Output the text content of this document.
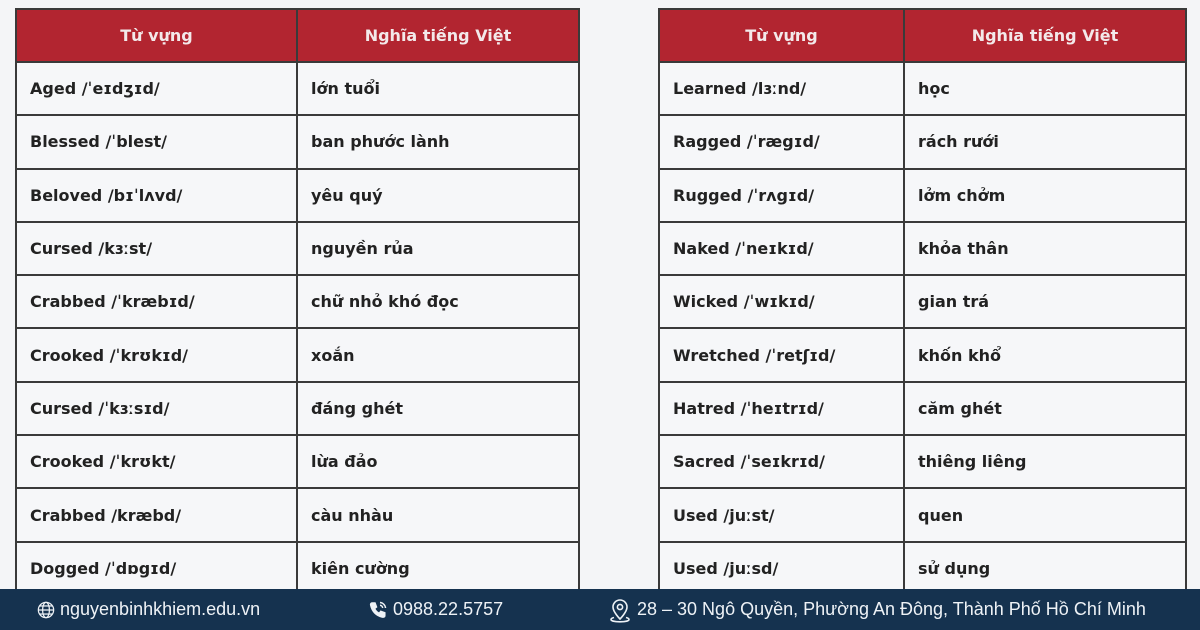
Từ vựng	Nghĩa tiếng Việt
Aged /ˈeɪdʒɪd/	lớn tuổi
Blessed /ˈblest/	ban phước lành
Beloved /bɪˈlʌvd/	yêu quý
Cursed /kɜːst/	nguyền rủa
Crabbed /ˈkræbɪd/	chữ nhỏ khó đọc
Crooked /ˈkrʊkɪd/	xoắn
Cursed /ˈkɜːsɪd/	đáng ghét
Crooked /ˈkrʊkt/	lừa đảo
Crabbed /kræbd/	càu nhàu
Dogged /ˈdɒgɪd/	kiên cường
Từ vựng	Nghĩa tiếng Việt
Learned /lɜːnd/	học
Ragged /ˈrægɪd/	rách rưới
Rugged /ˈrʌgɪd/	lởm chởm
Naked /ˈneɪkɪd/	khỏa thân
Wicked /ˈwɪkɪd/	gian trá
Wretched /ˈretʃɪd/	khốn khổ
Hatred /ˈheɪtrɪd/	căm ghét
Sacred /ˈseɪkrɪd/	thiêng liêng
Used /juːst/	quen
Used /juːsd/	sử dụng
nguyenbinhkhiem.edu.vn	0988.22.5757	28 – 30 Ngô Quyền, Phường An Đông, Thành Phố Hồ Chí Minh
